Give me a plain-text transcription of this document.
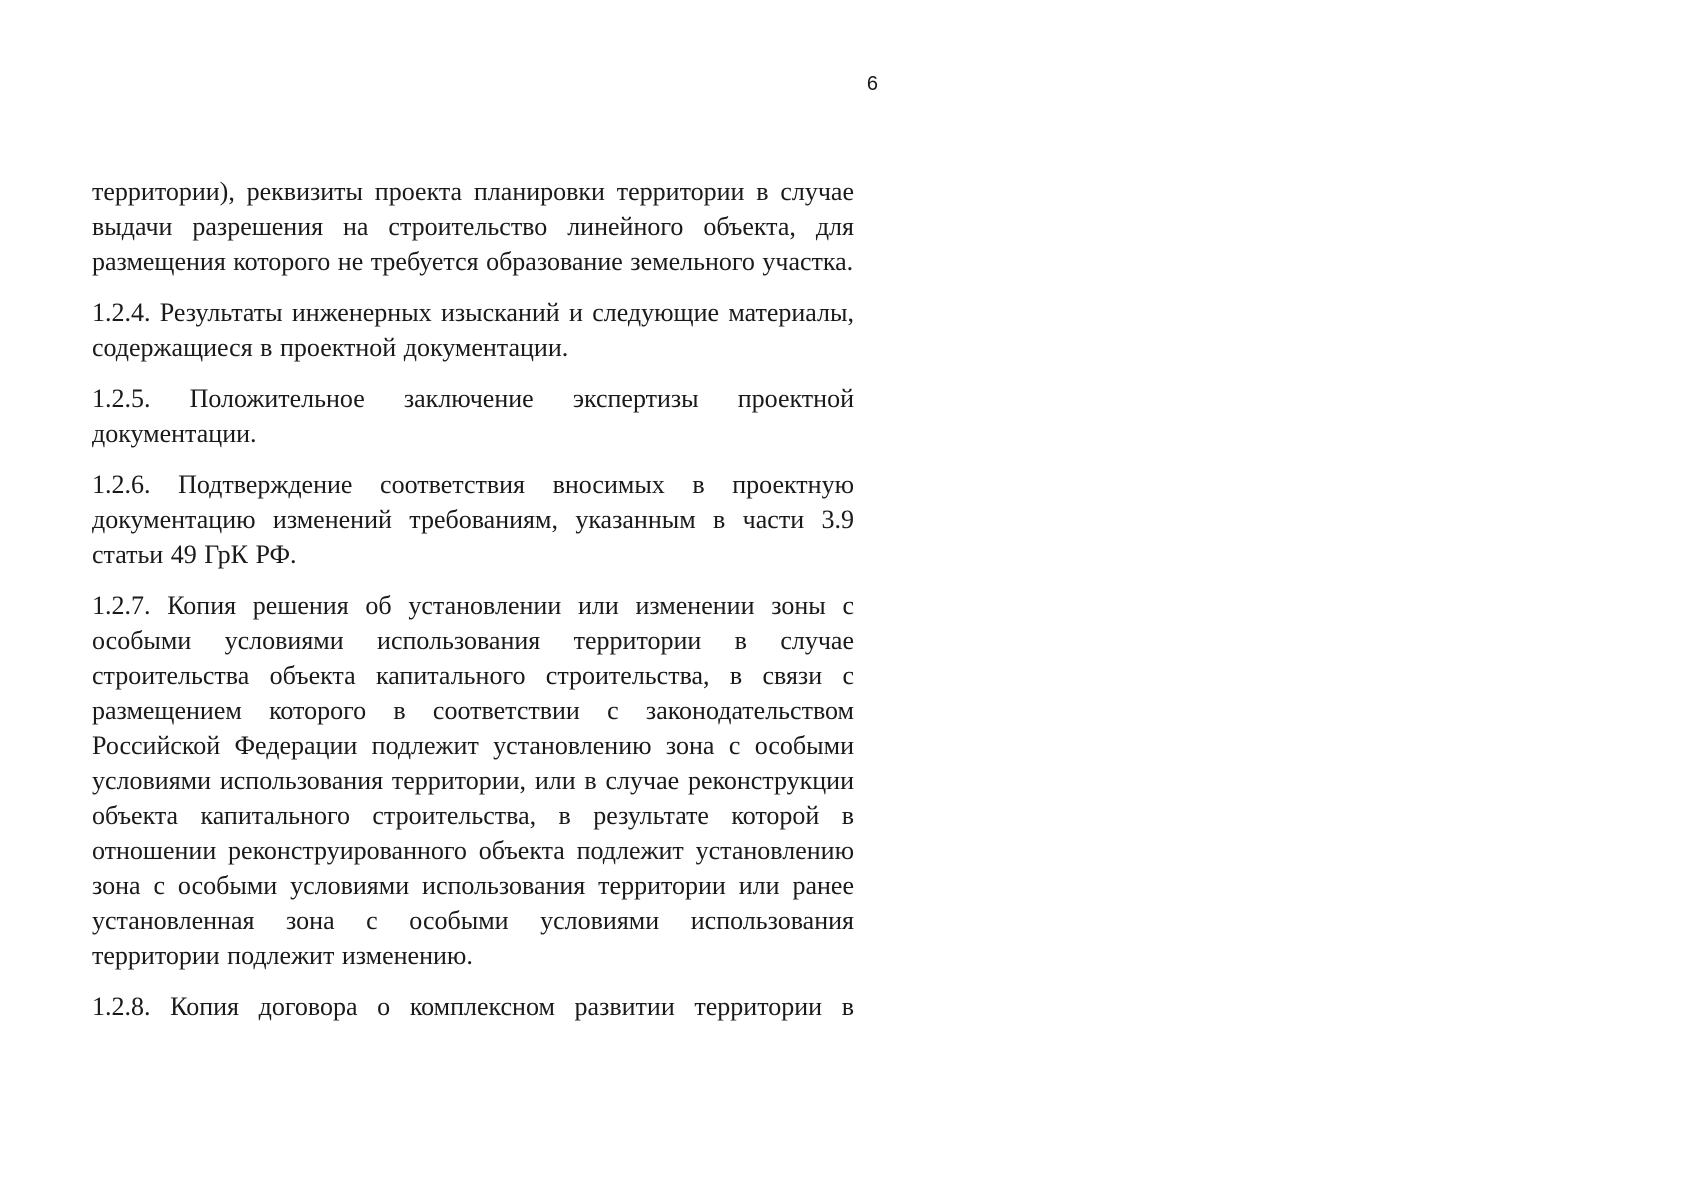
6

территории), реквизиты проекта планировки территории в случае выдачи разрешения на строительство линейного объекта, для размещения которого не требуется образование земельного участка.

1.2.4. Результаты инженерных изысканий и следующие материалы, содержащиеся в проектной документации.

1.2.5. Положительное заключение экспертизы проектной документации.

1.2.6. Подтверждение соответствия вносимых в проектную документацию изменений требованиям, указанным в части 3.9 статьи 49 ГрК РФ.

1.2.7. Копия решения об установлении или изменении зоны с особыми условиями использования территории в случае строительства объекта капитального строительства, в связи с размещением которого в соответствии с законодательством Российской Федерации подлежит установлению зона с особыми условиями использования территории, или в случае реконструкции объекта капитального строительства, в результате которой в отношении реконструированного объекта подлежит установлению зона с особыми условиями использования территории или ранее установленная зона с особыми условиями использования территории подлежит изменению.

1.2.8. Копия договора о комплексном развитии территории в
